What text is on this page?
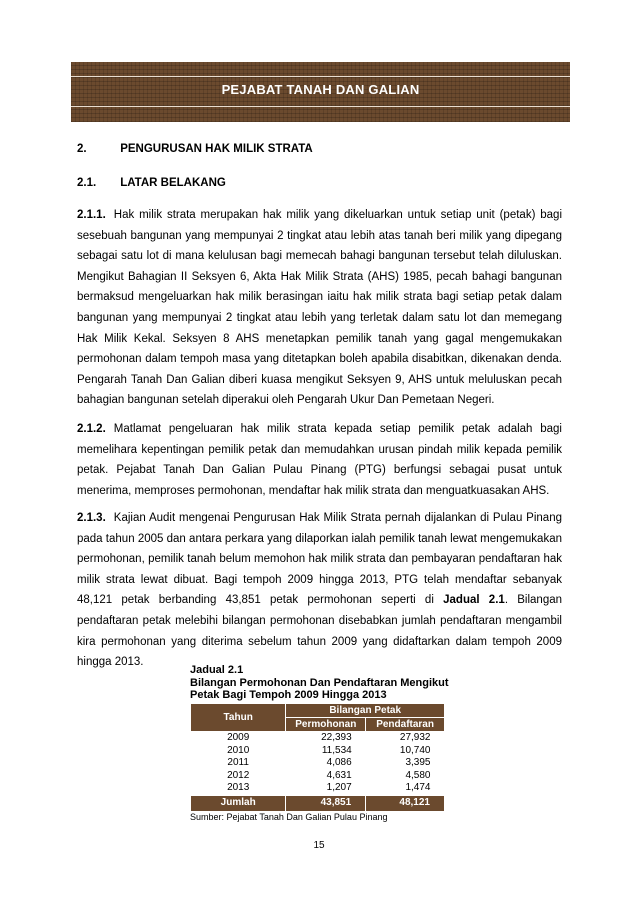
PEJABAT TANAH DAN GALIAN
2.	PENGURUSAN HAK MILIK STRATA
2.1. LATAR BELAKANG

2.1.1. Hak milik strata merupakan hak milik yang dikeluarkan untuk setiap unit (petak) bagi sesebuah bangunan yang mempunyai 2 tingkat atau lebih atas tanah beri milik yang dipegang sebagai satu lot di mana kelulusan bagi memecah bahagi bangunan tersebut telah diluluskan. Mengikut Bahagian II Seksyen 6, Akta Hak Milik Strata (AHS) 1985, pecah bahagi bangunan bermaksud mengeluarkan hak milik berasingan iaitu hak milik strata bagi setiap petak dalam bangunan yang mempunyai 2 tingkat atau lebih yang terletak dalam satu lot dan memegang Hak Milik Kekal. Seksyen 8 AHS menetapkan pemilik tanah yang gagal mengemukakan permohonan dalam tempoh masa yang ditetapkan boleh apabila disabitkan, dikenakan denda. Pengarah Tanah Dan Galian diberi kuasa mengikut Seksyen 9, AHS untuk meluluskan pecah bahagian bangunan setelah diperakui oleh Pengarah Ukur Dan Pemetaan Negeri.

2.1.2. Matlamat pengeluaran hak milik strata kepada setiap pemilik petak adalah bagi memelihara kepentingan pemilik petak dan memudahkan urusan pindah milik kepada pemilik petak. Pejabat Tanah Dan Galian Pulau Pinang (PTG) berfungsi sebagai pusat untuk menerima, memproses permohonan, mendaftar hak milik strata dan menguatkuasakan AHS.

2.1.3. Kajian Audit mengenai Pengurusan Hak Milik Strata pernah dijalankan di Pulau Pinang pada tahun 2005 dan antara perkara yang dilaporkan ialah pemilik tanah lewat mengemukakan permohonan, pemilik tanah belum memohon hak milik strata dan pembayaran pendaftaran hak milik strata lewat dibuat. Bagi tempoh 2009 hingga 2013, PTG telah mendaftar sebanyak 48,121 petak berbanding 43,851 petak permohonan seperti di Jadual 2.1. Bilangan pendaftaran petak melebihi bilangan permohonan disebabkan jumlah pendaftaran mengambil kira permohonan yang diterima sebelum tahun 2009 yang didaftarkan dalam tempoh 2009 hingga 2013.

Jadual 2.1
Bilangan Permohonan Dan Pendaftaran Mengikut
Petak Bagi Tempoh 2009 Hingga 2013
Tahun	Bilangan Petak	
	Permohonan	Pendaftaran
2009	22,393	27,932
2010	11,534	10,740
2011	4,086	3,395
2012	4,631	4,580
2013	1,207	1,474
Jumlah	43,851	48,121
Sumber: Pejabat Tanah Dan Galian Pulau Pinang
15
